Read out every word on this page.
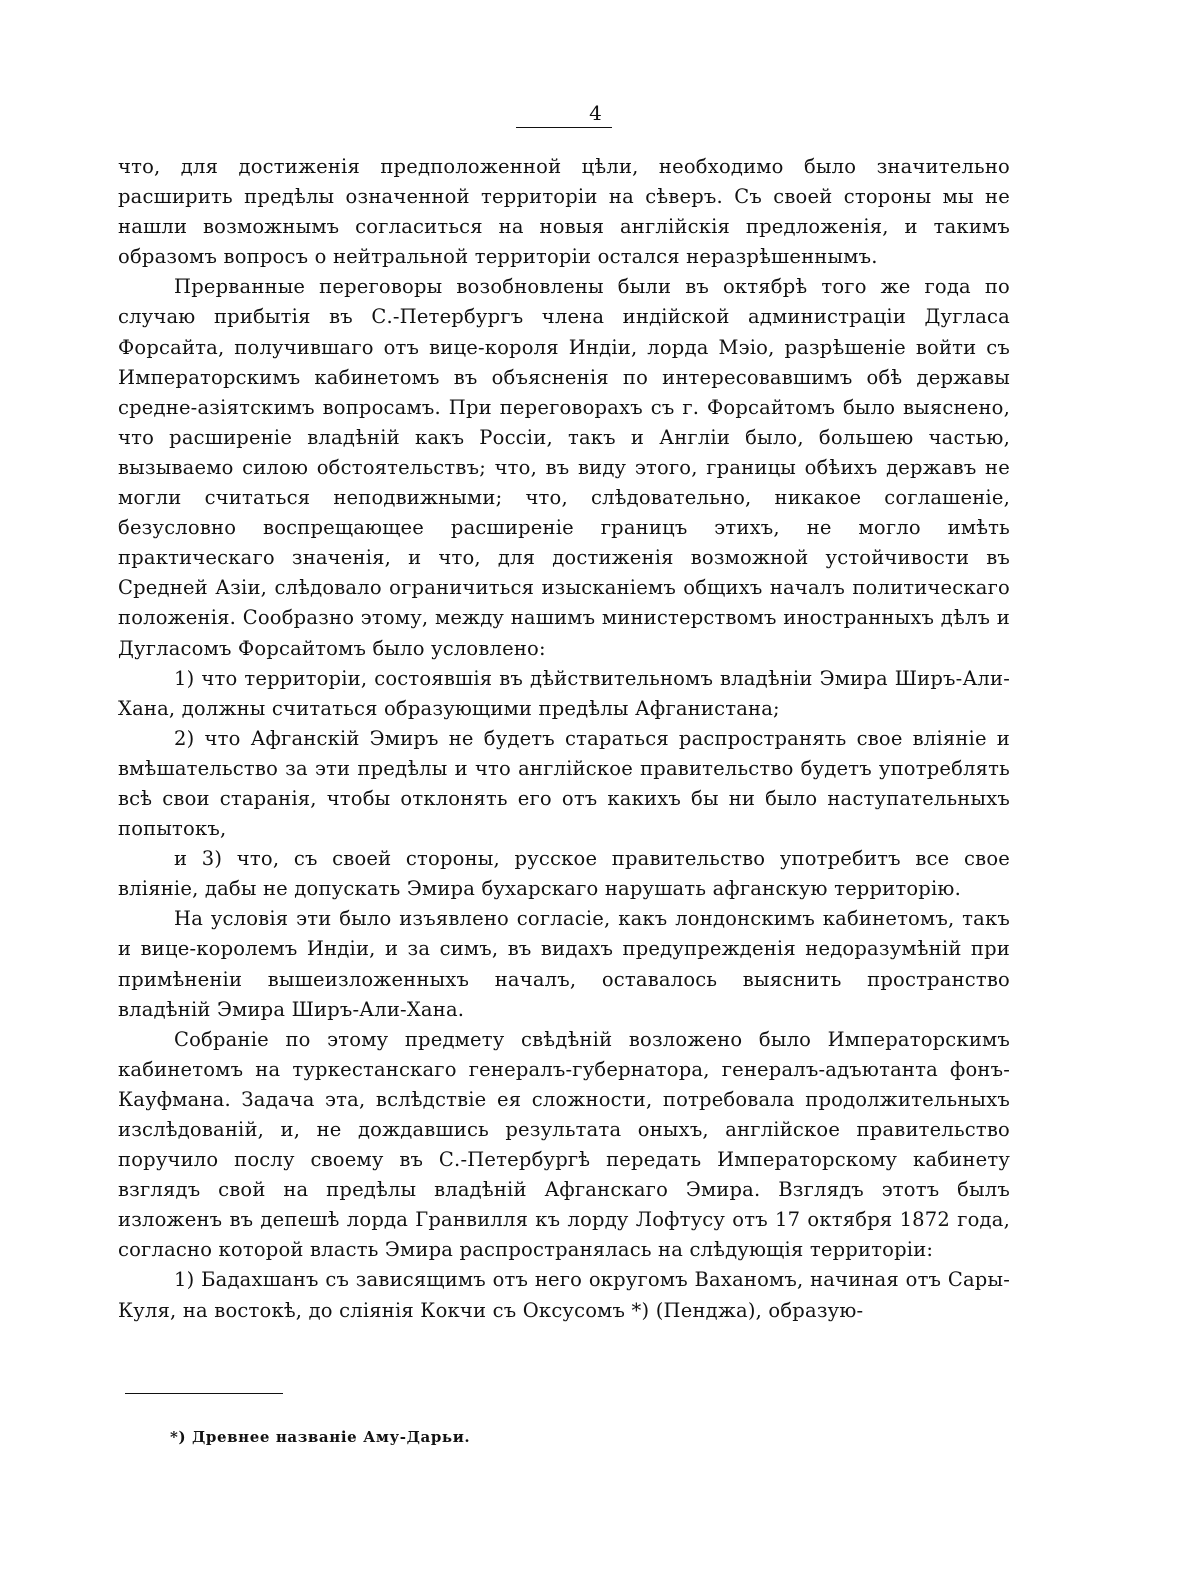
4

что, для достиженія предположенной цѣли, необходимо было значительно расширить предѣлы означенной территоріи на сѣверъ. Съ своей стороны мы не нашли возможнымъ согласиться на новыя англійскія предложенія, и такимъ образомъ вопросъ о нейтральной территоріи остался неразрѣшеннымъ.

Прерванные переговоры возобновлены были въ октябрѣ того же года по случаю прибытія въ С.-Петербургъ члена индійской администраціи Дугласа Форсайта, получившаго отъ вице-короля Индіи, лорда Мэіо, разрѣшеніе войти съ Императорскимъ кабинетомъ въ объясненія по интересовавшимъ обѣ державы средне-азіятскимъ вопросамъ. При переговорахъ съ г. Форсайтомъ было выяснено, что расширеніе владѣній какъ Россіи, такъ и Англіи было, большею частью, вызываемо силою обстоятельствъ; что, въ виду этого, границы обѣихъ державъ не могли считаться неподвижными; что, слѣдовательно, никакое соглашеніе, безусловно воспрещающее расширеніе границъ этихъ, не могло имѣть практическаго значенія, и что, для достиженія возможной устойчивости въ Средней Азіи, слѣдовало ограничиться изысканіемъ общихъ началъ политическаго положенія. Сообразно этому, между нашимъ министерствомъ иностранныхъ дѣлъ и Дугласомъ Форсайтомъ было условлено:

1) что территоріи, состоявшія въ дѣйствительномъ владѣніи Эмира Ширъ-Али-Хана, должны считаться образующими предѣлы Афганистана;

2) что Афганскій Эмиръ не будетъ стараться распространять свое вліяніе и вмѣшательство за эти предѣлы и что англійское правительство будетъ употреблять всѣ свои старанія, чтобы отклонять его отъ какихъ бы ни было наступательныхъ попытокъ,

и 3) что, съ своей стороны, русское правительство употребитъ все свое вліяніе, дабы не допускать Эмира бухарскаго нарушать афганскую территорію.

На условія эти было изъявлено согласіе, какъ лондонскимъ кабинетомъ, такъ и вице-королемъ Индіи, и за симъ, въ видахъ предупрежденія недоразумѣній при примѣненіи вышеизложенныхъ началъ, оставалось выяснить пространство владѣній Эмира Ширъ-Али-Хана.

Собраніе по этому предмету свѣдѣній возложено было Императорскимъ кабинетомъ на туркестанскаго генералъ-губернатора, генералъ-адъютанта фонъ-Кауфмана. Задача эта, вслѣдствіе ея сложности, потребовала продолжительныхъ изслѣдованій, и, не дождавшись результата оныхъ, англійское правительство поручило послу своему въ С.-Петербургѣ передать Императорскому кабинету взглядъ свой на предѣлы владѣній Афганскаго Эмира. Взглядъ этотъ былъ изложенъ въ депешѣ лорда Гранвилля къ лорду Лофтусу отъ 17 октября 1872 года, согласно которой власть Эмира распространялась на слѣдующія территоріи:

1) Бадахшанъ съ зависящимъ отъ него округомъ Ваханомъ, начиная отъ Сары-Куля, на востокѣ, до сліянія Кокчи съ Оксусомъ *) (Пенджа), образую-

*) Древнее названіе Аму-Дарьи.
